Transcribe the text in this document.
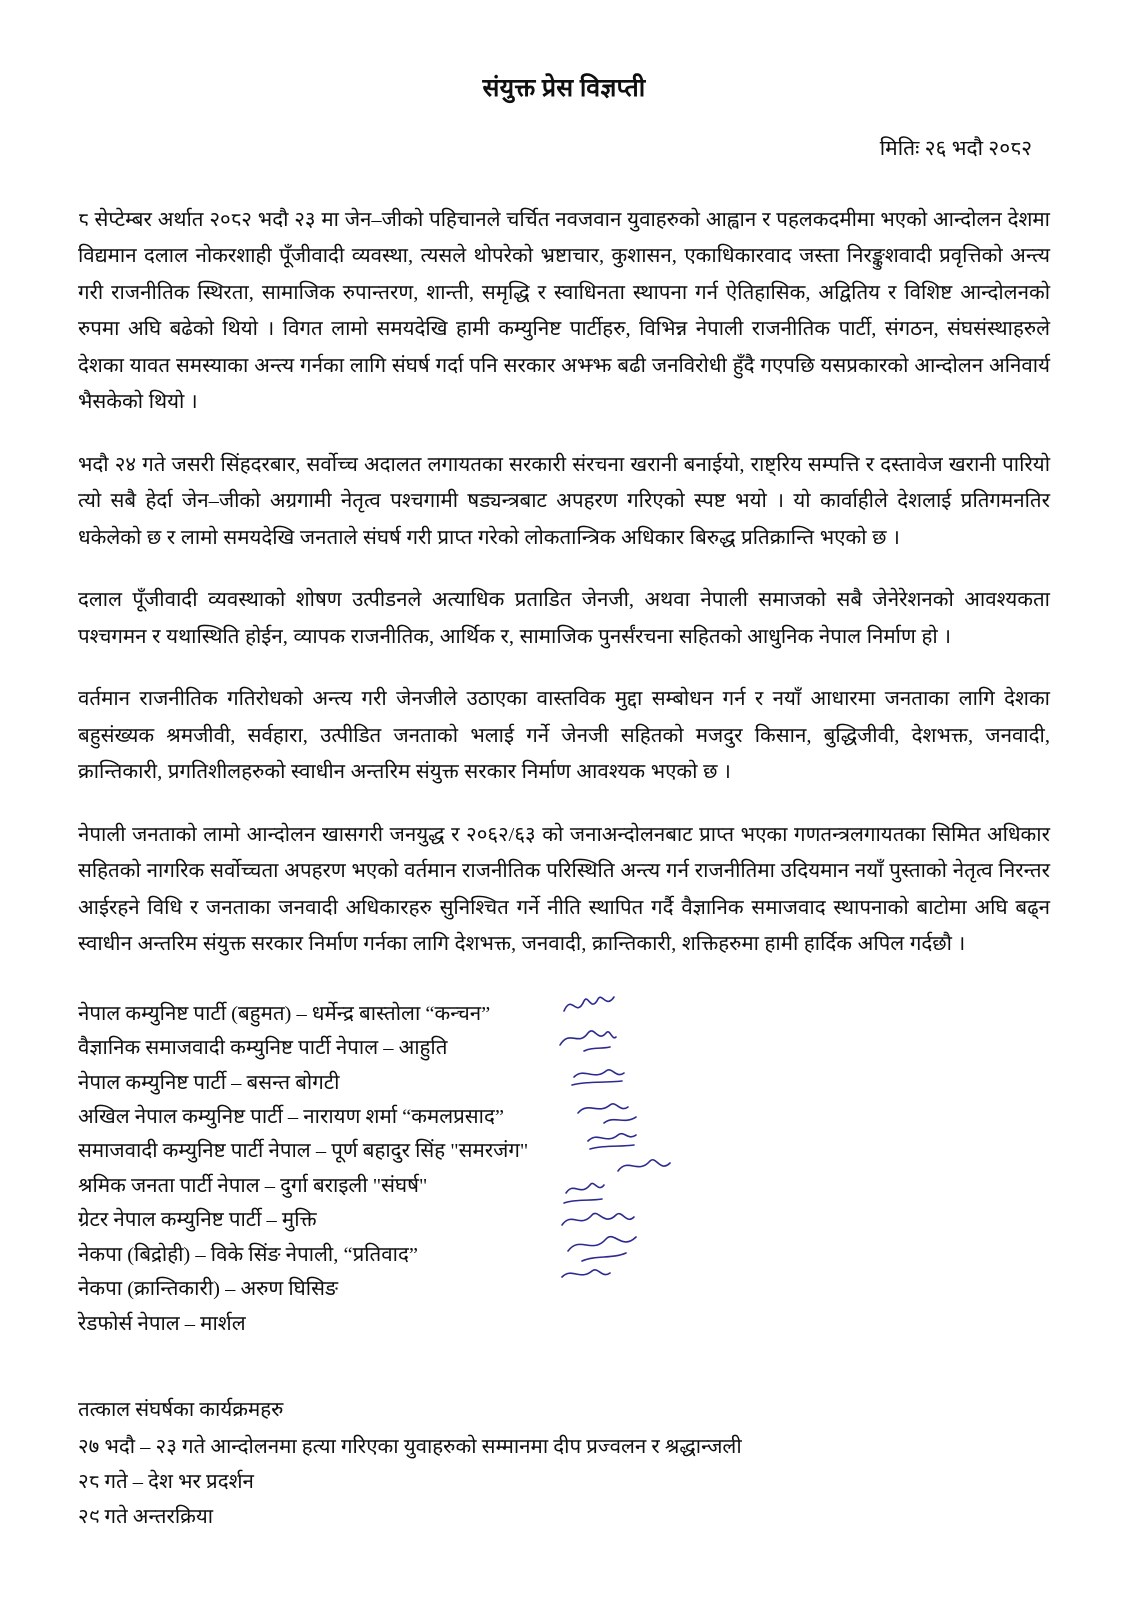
संयुक्त प्रेस विज्ञप्ती
मितिः २६ भदौ २०८२

८ सेप्टेम्बर अर्थात २०८२ भदौ २३ मा जेन–जीको पहिचानले चर्चित नवजवान युवाहरुको आह्वान र पहलकदमीमा भएको आन्दोलन देशमा विद्यमान दलाल नोकरशाही पूँजीवादी व्यवस्था, त्यसले थोपरेको भ्रष्टाचार, कुशासन, एकाधिकारवाद जस्ता निरङ्कुशवादी प्रवृत्तिको अन्त्य गरी राजनीतिक स्थिरता, सामाजिक रुपान्तरण, शान्ती, समृद्धि र स्वाधिनता स्थापना गर्न ऐतिहासिक, अद्वितिय र विशिष्ट आन्दोलनको रुपमा अघि बढेको थियो । विगत लामो समयदेखि हामी कम्युनिष्ट पार्टीहरु, विभिन्न नेपाली राजनीतिक पार्टी, संगठन, संघसंस्थाहरुले देशका यावत समस्याका अन्त्य गर्नका लागि संघर्ष गर्दा पनि सरकार अझ्झ बढी जनविरोधी हुँदै गएपछि यसप्रकारको आन्दोलन अनिवार्य भैसकेको थियो ।

भदौ २४ गते जसरी सिंहदरबार, सर्वोच्च अदालत लगायतका सरकारी संरचना खरानी बनाईयो, राष्ट्रिय सम्पत्ति र दस्तावेज खरानी पारियो त्यो सबै हेर्दा जेन–जीको अग्रगामी नेतृत्व पश्चगामी षड्यन्त्रबाट अपहरण गरिएको स्पष्ट भयो । यो कार्वाहीले देशलाई प्रतिगमनतिर धकेलेको छ र लामो समयदेखि जनताले संघर्ष गरी प्राप्त गरेको लोकतान्त्रिक अधिकार बिरुद्ध प्रतिक्रान्ति भएको छ ।

दलाल पूँजीवादी व्यवस्थाको शोषण उत्पीडनले अत्याधिक प्रताडित जेनजी, अथवा नेपाली समाजको सबै जेनेरेशनको आवश्यकता पश्चगमन र यथास्थिति होईन, व्यापक राजनीतिक, आर्थिक र, सामाजिक पुनर्संरचना सहितको आधुनिक नेपाल निर्माण हो ।

वर्तमान राजनीतिक गतिरोधको अन्त्य गरी जेनजीले उठाएका वास्तविक मुद्दा सम्बोधन गर्न र नयाँ आधारमा जनताका लागि देशका बहुसंख्यक श्रमजीवी, सर्वहारा, उत्पीडित जनताको भलाई गर्ने जेनजी सहितको मजदुर किसान, बुद्धिजीवी, देशभक्त, जनवादी, क्रान्तिकारी, प्रगतिशीलहरुको स्वाधीन अन्तरिम संयुक्त सरकार निर्माण आवश्यक भएको छ ।

नेपाली जनताको लामो आन्दोलन खासगरी जनयुद्ध र २०६२/६३ को जनाअन्दोलनबाट प्राप्त भएका गणतन्त्रलगायतका सिमित अधिकार सहितको नागरिक सर्वोच्चता अपहरण भएको वर्तमान राजनीतिक परिस्थिति अन्त्य गर्न राजनीतिमा उदियमान नयाँ पुस्ताको नेतृत्व निरन्तर आईरहने विधि र जनताका जनवादी अधिकारहरु सुनिश्चित गर्ने नीति स्थापित गर्दै वैज्ञानिक समाजवाद स्थापनाको बाटोमा अघि बढ्न स्वाधीन अन्तरिम संयुक्त सरकार निर्माण गर्नका लागि देशभक्त, जनवादी, क्रान्तिकारी, शक्तिहरुमा हामी हार्दिक अपिल गर्दछौ ।

नेपाल कम्युनिष्ट पार्टी (बहुमत) – धर्मेन्द्र बास्तोला “कन्चन”
वैज्ञानिक समाजवादी कम्युनिष्ट पार्टी नेपाल – आहुति
नेपाल कम्युनिष्ट पार्टी – बसन्त बोगटी
अखिल नेपाल कम्युनिष्ट पार्टी – नारायण शर्मा “कमलप्रसाद”
समाजवादी कम्युनिष्ट पार्टी नेपाल – पूर्ण बहादुर सिंह "समरजंग"
श्रमिक जनता पार्टी नेपाल – दुर्गा बराइली "संघर्ष"
ग्रेटर नेपाल कम्युनिष्ट पार्टी – मुक्ति
नेकपा (बिद्रोही) – विके सिंङ नेपाली, “प्रतिवाद”
नेकपा (क्रान्तिकारी) – अरुण घिसिङ
रेडफोर्स नेपाल – मार्शल
तत्काल संघर्षका कार्यक्रमहरु
२७ भदौ – २३ गते आन्दोलनमा हत्या गरिएका युवाहरुको सम्मानमा दीप प्रज्वलन र श्रद्धान्जली
२८ गते – देश भर प्रदर्शन
२९ गते अन्तरक्रिया
